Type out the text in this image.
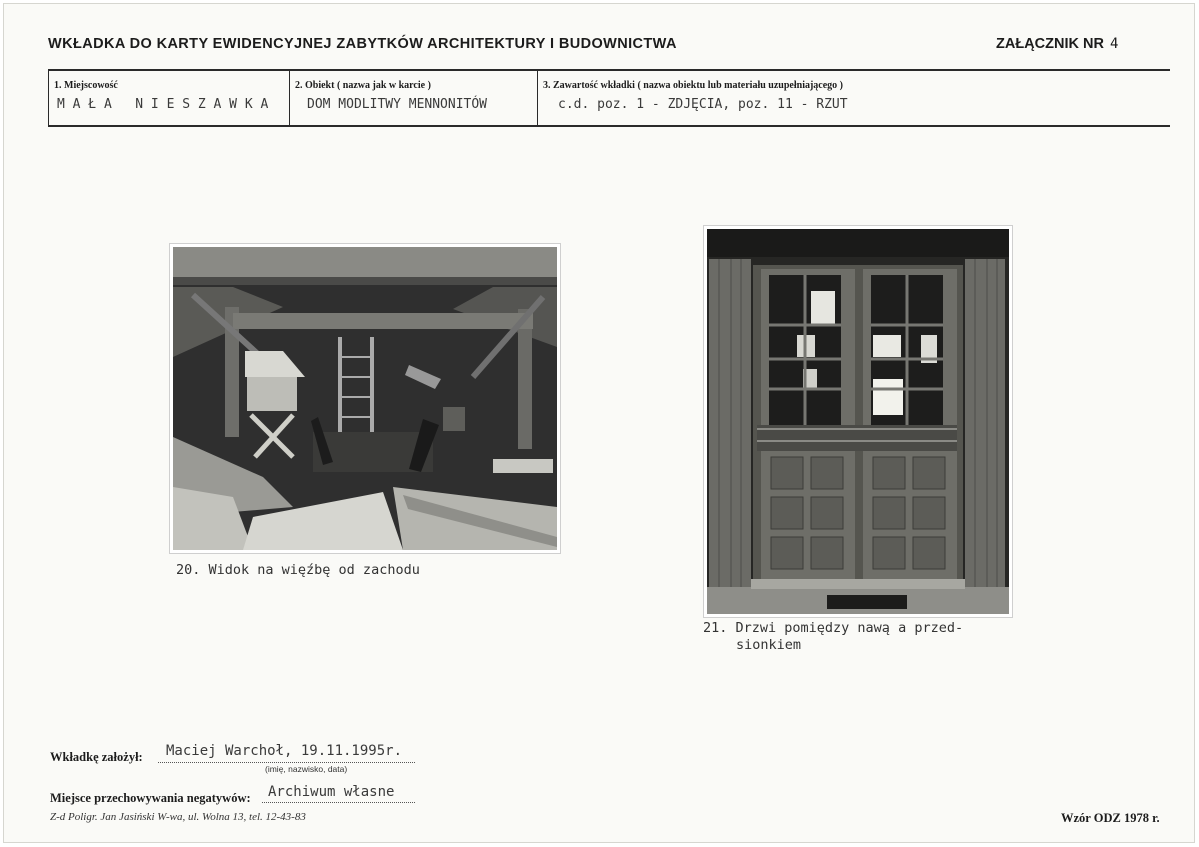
WKŁADKA DO KARTY EWIDENCYJNEJ ZABYTKÓW ARCHITEKTURY I BUDOWNICTWA	ZAŁĄCZNIK NR 4
1. Miejscowość
M A Ł A   N I E S Z A W K A
2. Obiekt ( nazwa jak w karcie )
DOM MODLITWY MENNONITÓW
3. Zawartość wkładki ( nazwa obiektu lub materiału uzupełniającego )
c.d. poz. 1 - ZDJĘCIA, poz. 11 - RZUT
20. Widok na więźbę od zachodu
21. Drzwi pomiędzy nawą a przed-
sionkiem
Wkładkę założył: Maciej Warchoł, 19.11.1995r.
(imię, nazwisko, data)
Miejsce przechowywania negatywów: Archiwum własne
Z-d Poligr. Jan Jasiński W-wa, ul. Wolna 13, tel. 12-43-83	Wzór ODZ 1978 r.
